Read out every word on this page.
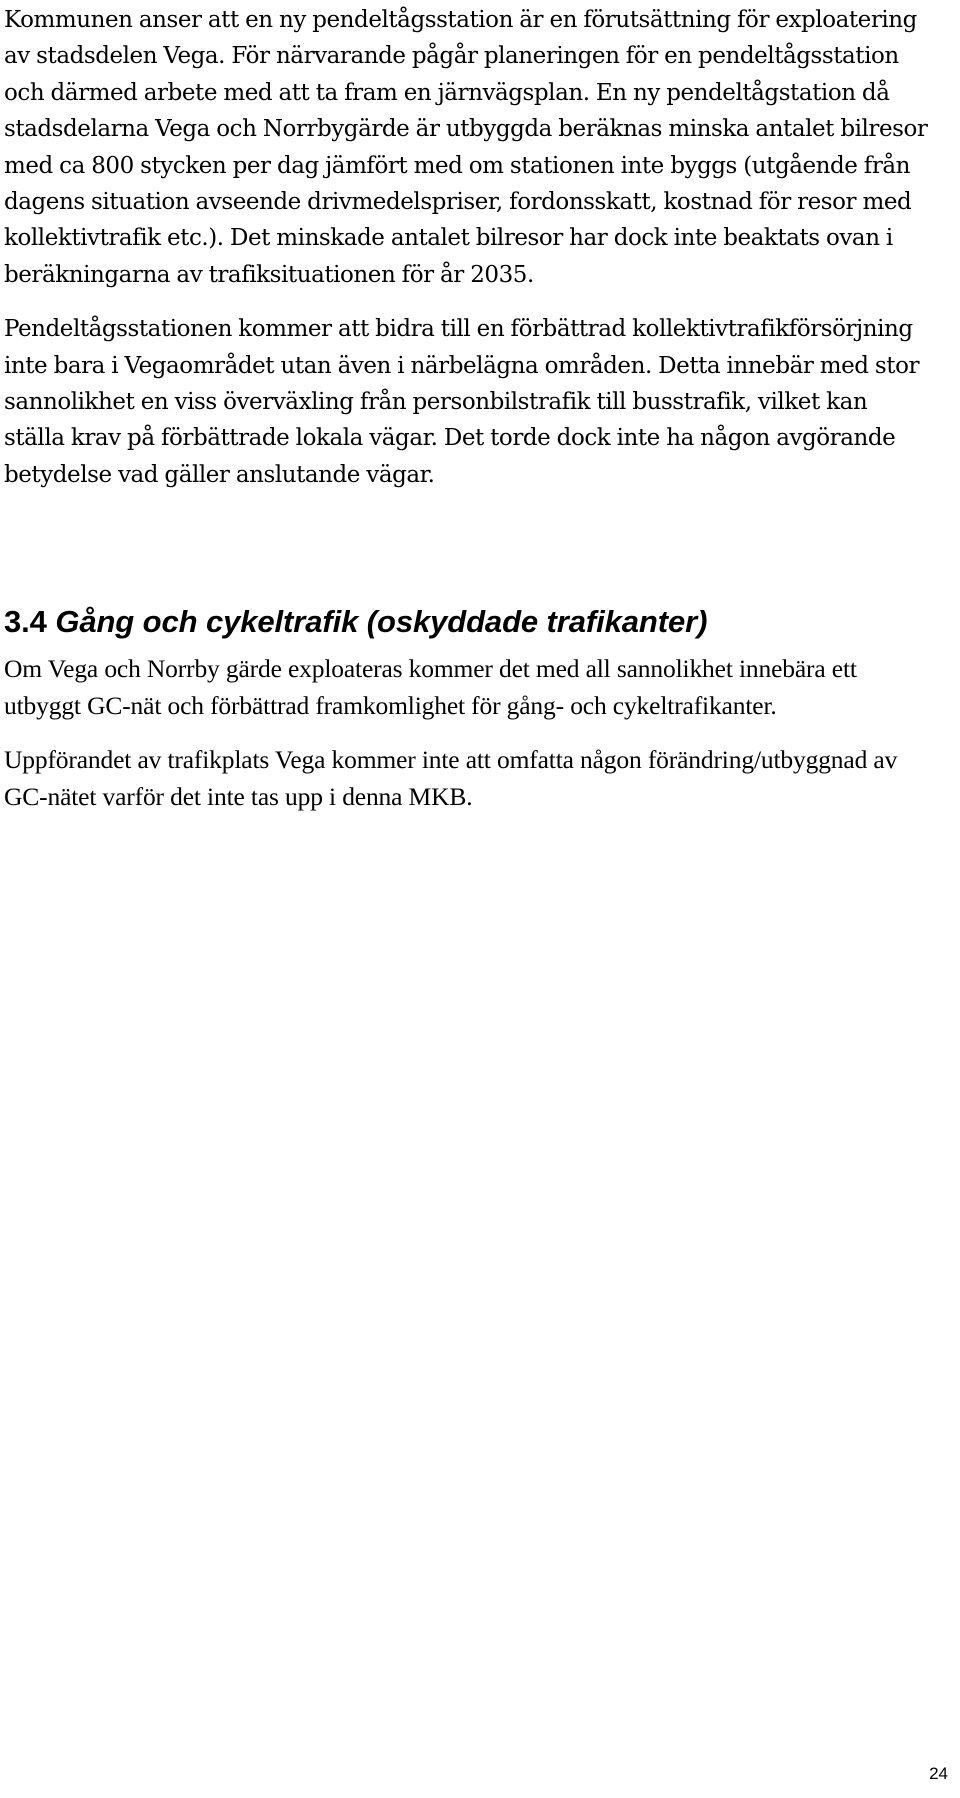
Kommunen anser att en ny pendeltågsstation är en förutsättning för exploatering av stadsdelen Vega. För närvarande pågår planeringen för en pendeltågsstation och därmed arbete med att ta fram en järnvägsplan. En ny pendeltågstation då stadsdelarna Vega och Norrbygärde är utbyggda beräknas minska antalet bilresor med ca 800 stycken per dag jämfört med om stationen inte byggs (utgående från dagens situation avseende drivmedelspriser, fordonsskatt, kostnad för resor med kollektivtrafik etc.). Det minskade antalet bilresor har dock inte beaktats ovan i beräkningarna av trafiksituationen för år 2035.

Pendeltågsstationen kommer att bidra till en förbättrad kollektivtrafikförsörjning inte bara i Vegaområdet utan även i närbelägna områden. Detta innebär med stor sannolikhet en viss överväxling från personbilstrafik till busstrafik, vilket kan ställa krav på förbättrade lokala vägar. Det torde dock inte ha någon avgörande betydelse vad gäller anslutande vägar.

3.4 Gång och cykeltrafik (oskyddade trafikanter)

Om Vega och Norrby gärde exploateras kommer det med all sannolikhet innebära ett utbyggt GC-nät och förbättrad framkomlighet för gång- och cykeltrafikanter.

Uppförandet av trafikplats Vega kommer inte att omfatta någon förändring/utbyggnad av GC-nätet varför det inte tas upp i denna MKB.

24
